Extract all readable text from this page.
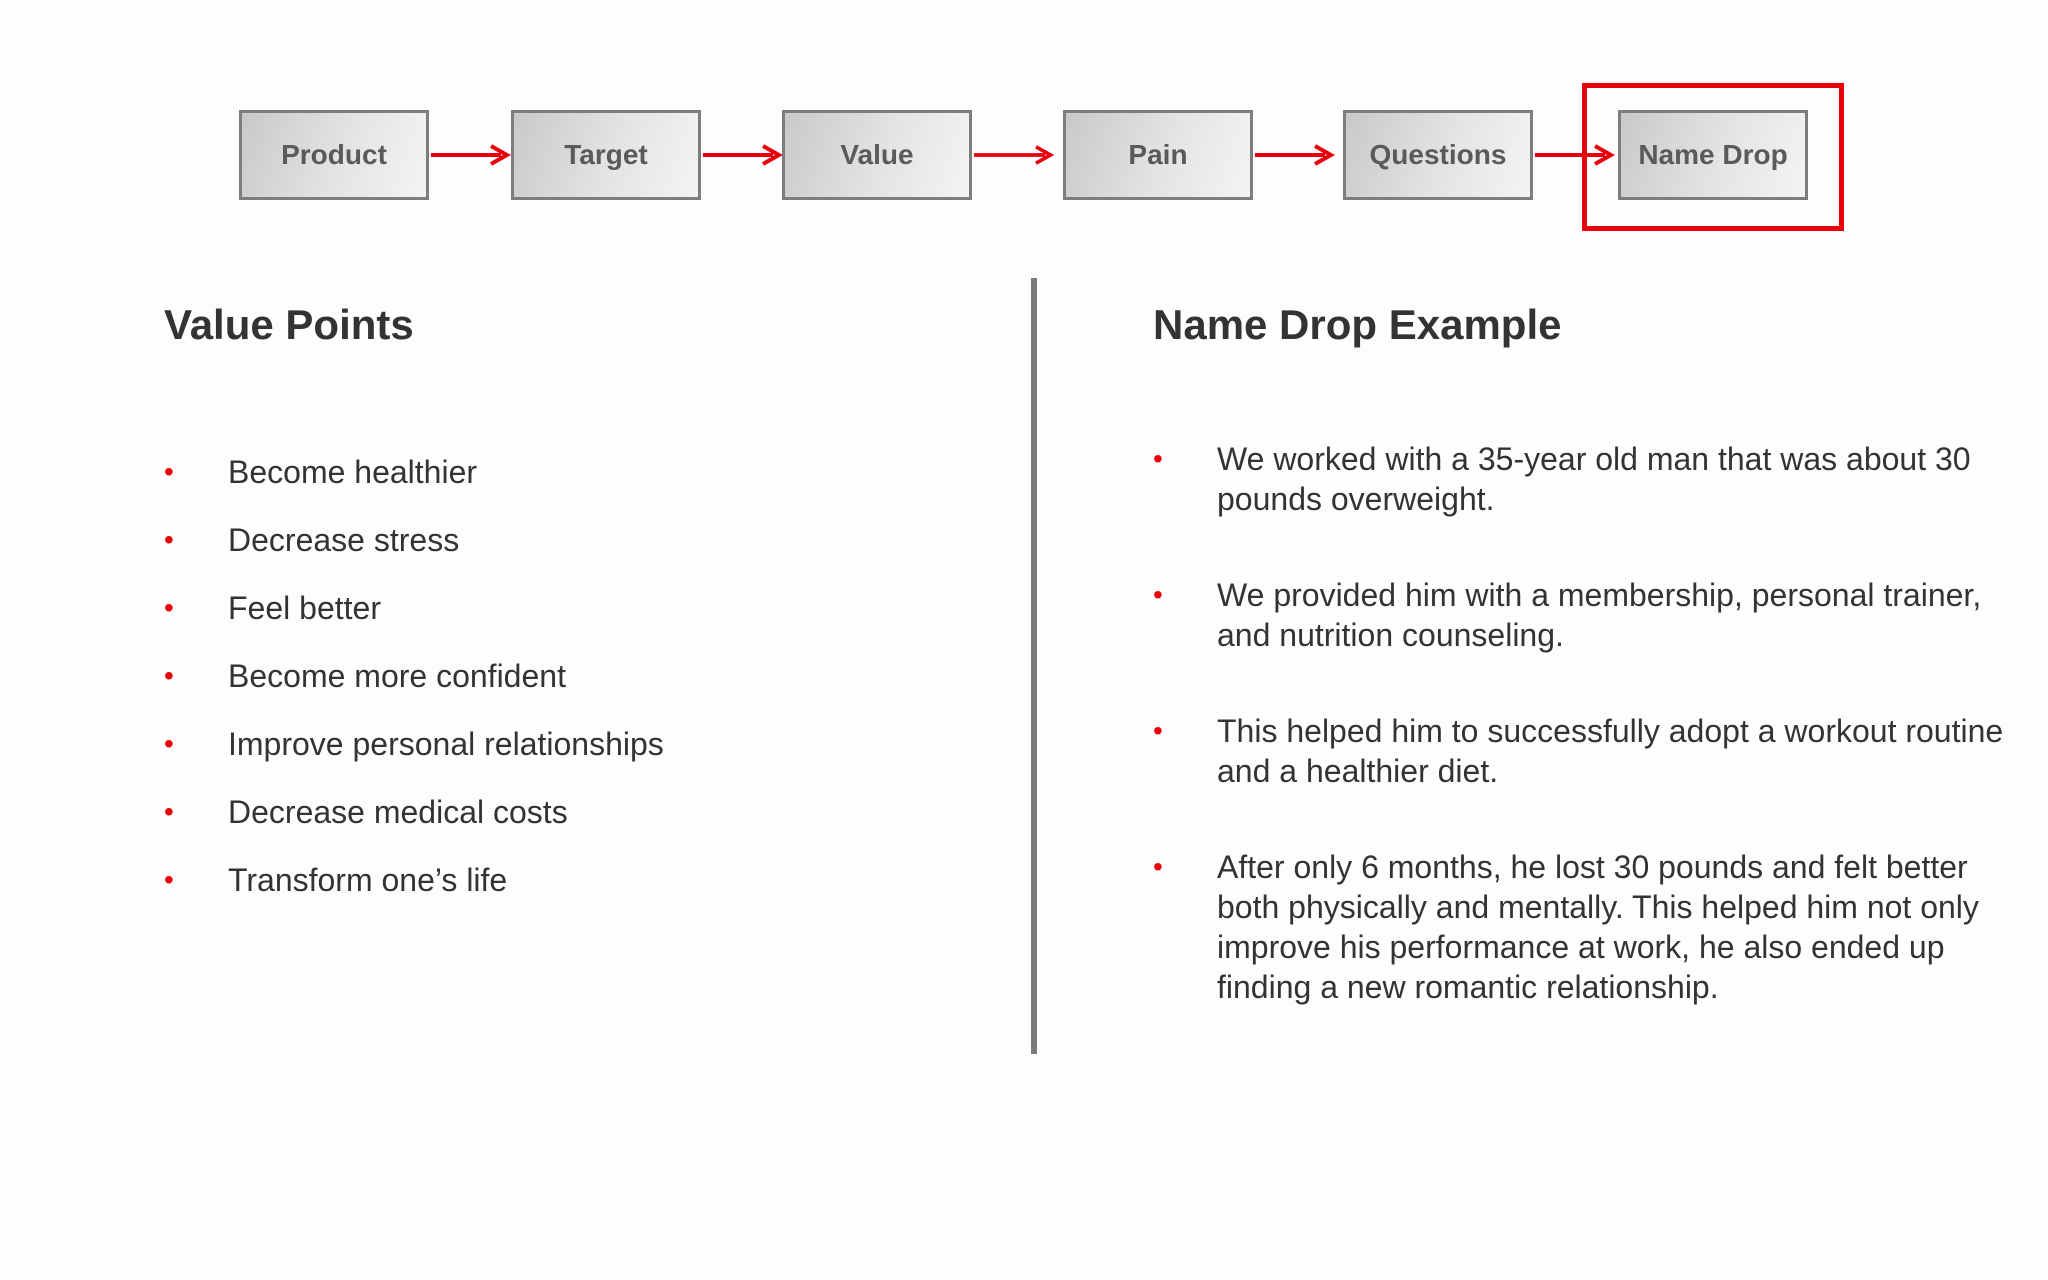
Product	Target	Value	Pain	Questions	Name Drop
Value Points
• Become healthier
• Decrease stress
• Feel better
• Become more confident
• Improve personal relationships
• Decrease medical costs
• Transform one’s life
Name Drop Example
• We worked with a 35-year old man that was about 30 pounds overweight.
• We provided him with a membership, personal trainer, and nutrition counseling.
• This helped him to successfully adopt a workout routine and a healthier diet.
• After only 6 months, he lost 30 pounds and felt better both physically and mentally. This helped him not only improve his performance at work, he also ended up finding a new romantic relationship.
